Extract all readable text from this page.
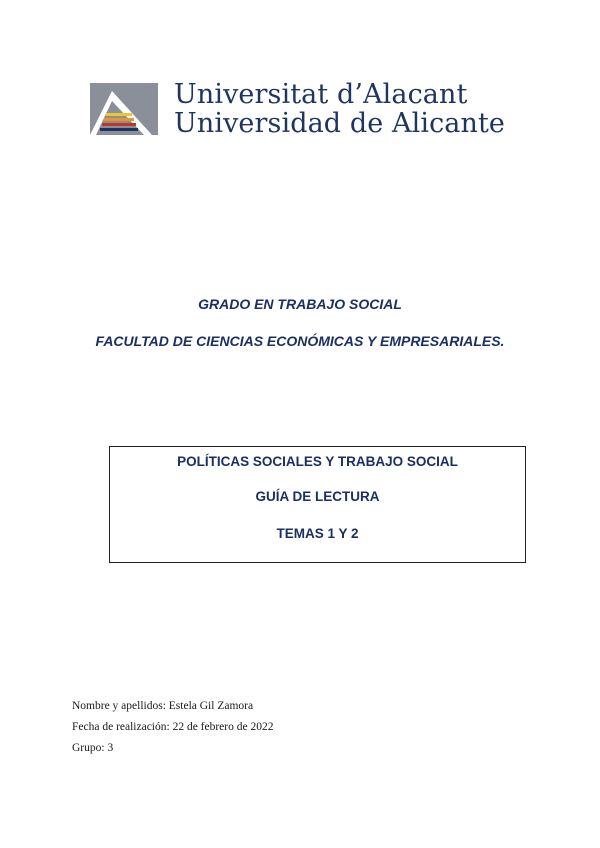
Universitat d’Alacant
Universidad de Alicante
GRADO EN TRABAJO SOCIAL
FACULTAD DE CIENCIAS ECONÓMICAS Y EMPRESARIALES.
POLÍTICAS SOCIALES Y TRABAJO SOCIAL
GUÍA DE LECTURA
TEMAS 1 Y 2
Nombre y apellidos: Estela Gil Zamora
Fecha de realización: 22 de febrero de 2022
Grupo: 3
